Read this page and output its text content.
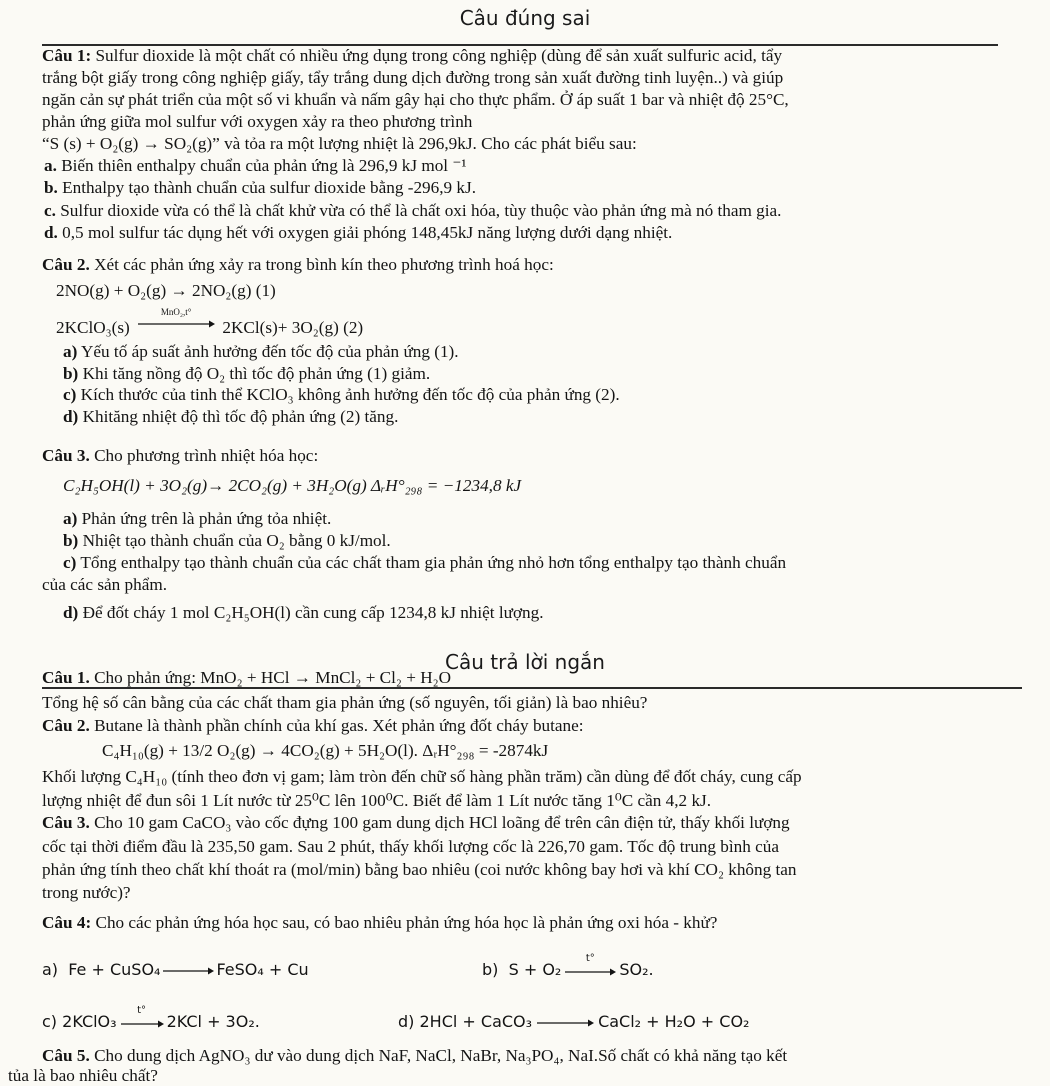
Câu đúng sai
Câu 1: Sulfur dioxide là một chất có nhiều ứng dụng trong công nghiệp (dùng để sản xuất sulfuric acid, tẩy
trắng bột giấy trong công nghiệp giấy, tẩy trắng dung dịch đường trong sản xuất đường tinh luyện..) và giúp
ngăn cản sự phát triển của một số vi khuẩn và nấm gây hại cho thực phẩm. Ở áp suất 1 bar và nhiệt độ 25°C,
phản ứng giữa mol sulfur với oxygen xảy ra theo phương trình
“S (s) + O₂(g) → SO₂(g)” và tỏa ra một lượng nhiệt là 296,9kJ. Cho các phát biểu sau:
a. Biến thiên enthalpy chuẩn của phản ứng là 296,9 kJ mol ⁻¹
b. Enthalpy tạo thành chuẩn của sulfur dioxide bằng -296,9 kJ.
c. Sulfur dioxide vừa có thể là chất khử vừa có thể là chất oxi hóa, tùy thuộc vào phản ứng mà nó tham gia.
d. 0,5 mol sulfur tác dụng hết với oxygen giải phóng 148,45kJ năng lượng dưới dạng nhiệt.
Câu 2. Xét các phản ứng xảy ra trong bình kín theo phương trình hoá học:
2NO(g) + O₂(g) → 2NO₂(g) (1)
2KClO₃(s)
MnO₂,t°
2KCl(s)+ 3O₂(g) (2)
a) Yếu tố áp suất ảnh hưởng đến tốc độ của phản ứng (1).
b) Khi tăng nồng độ O₂ thì tốc độ phản ứng (1) giảm.
c) Kích thước của tinh thể KClO₃ không ảnh hưởng đến tốc độ của phản ứng (2).
d) Khităng nhiệt độ thì tốc độ phản ứng (2) tăng.
Câu 3. Cho phương trình nhiệt hóa học:
C₂H₅OH(l) + 3O₂(g)→ 2CO₂(g) + 3H₂O(g) ΔᵣH°₂₉₈ = −1234,8 kJ
a) Phản ứng trên là phản ứng tỏa nhiệt.
b) Nhiệt tạo thành chuẩn của O₂ bằng 0 kJ/mol.
c) Tổng enthalpy tạo thành chuẩn của các chất tham gia phản ứng nhỏ hơn tổng enthalpy tạo thành chuẩn
của các sản phẩm.
d) Để đốt cháy 1 mol C₂H₅OH(l) cần cung cấp 1234,8 kJ nhiệt lượng.
Câu trả lời ngắn
Câu 1. Cho phản ứng: MnO₂ + HCl → MnCl₂ + Cl₂ + H₂O
Tổng hệ số cân bằng của các chất tham gia phản ứng (số nguyên, tối giản) là bao nhiêu?
Câu 2. Butane là thành phần chính của khí gas. Xét phản ứng đốt cháy butane:
C₄H₁₀(g) + 13/2 O₂(g) → 4CO₂(g) + 5H₂O(l). ΔᵣH°₂₉₈ = -2874kJ
Khối lượng C₄H₁₀ (tính theo đơn vị gam; làm tròn đến chữ số hàng phần trăm) cần dùng để đốt cháy, cung cấp
lượng nhiệt để đun sôi 1 Lít nước từ 25⁰C lên 100⁰C. Biết để làm 1 Lít nước tăng 1⁰C cần 4,2 kJ.
Câu 3. Cho 10 gam CaCO₃ vào cốc đựng 100 gam dung dịch HCl loãng để trên cân điện tử, thấy khối lượng
cốc tại thời điểm đầu là 235,50 gam. Sau 2 phút, thấy khối lượng cốc là 226,70 gam. Tốc độ trung bình của
phản ứng tính theo chất khí thoát ra (mol/min) bằng bao nhiêu (coi nước không bay hơi và khí CO₂ không tan
trong nước)?
Câu 4: Cho các phản ứng hóa học sau, có bao nhiêu phản ứng hóa học là phản ứng oxi hóa - khử?
a) Fe + CuSO₄	FeSO₄ + Cu	b) S + O₂
t°
SO₂.
c) 2KClO₃
t°
2KCl + 3O₂.	d) 2HCl + CaCO₃	CaCl₂ + H₂O + CO₂
Câu 5. Cho dung dịch AgNO₃ dư vào dung dịch NaF, NaCl, NaBr, Na₃PO₄, NaI.Số chất có khả năng tạo kết
tủa là bao nhiêu chất?
